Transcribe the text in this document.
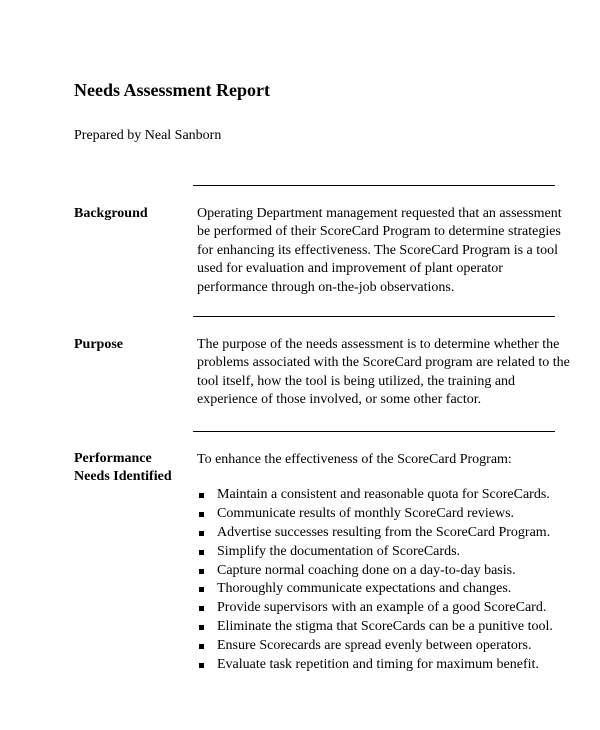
Needs Assessment Report
Prepared by Neal Sanborn
Background	Operating Department management requested that an assessment
be performed of their ScoreCard Program to determine strategies
for enhancing its effectiveness. The ScoreCard Program is a tool
used for evaluation and improvement of plant operator
performance through on-the-job observations.
Purpose	The purpose of the needs assessment is to determine whether the
problems associated with the ScoreCard program are related to the
tool itself, how the tool is being utilized, the training and
experience of those involved, or some other factor.
Performance
Needs Identified
To enhance the effectiveness of the ScoreCard Program:
Maintain a consistent and reasonable quota for ScoreCards.
Communicate results of monthly ScoreCard reviews.
Advertise successes resulting from the ScoreCard Program.
Simplify the documentation of ScoreCards.
Capture normal coaching done on a day-to-day basis.
Thoroughly communicate expectations and changes.
Provide supervisors with an example of a good ScoreCard.
Eliminate the stigma that ScoreCards can be a punitive tool.
Ensure Scorecards are spread evenly between operators.
Evaluate task repetition and timing for maximum benefit.
